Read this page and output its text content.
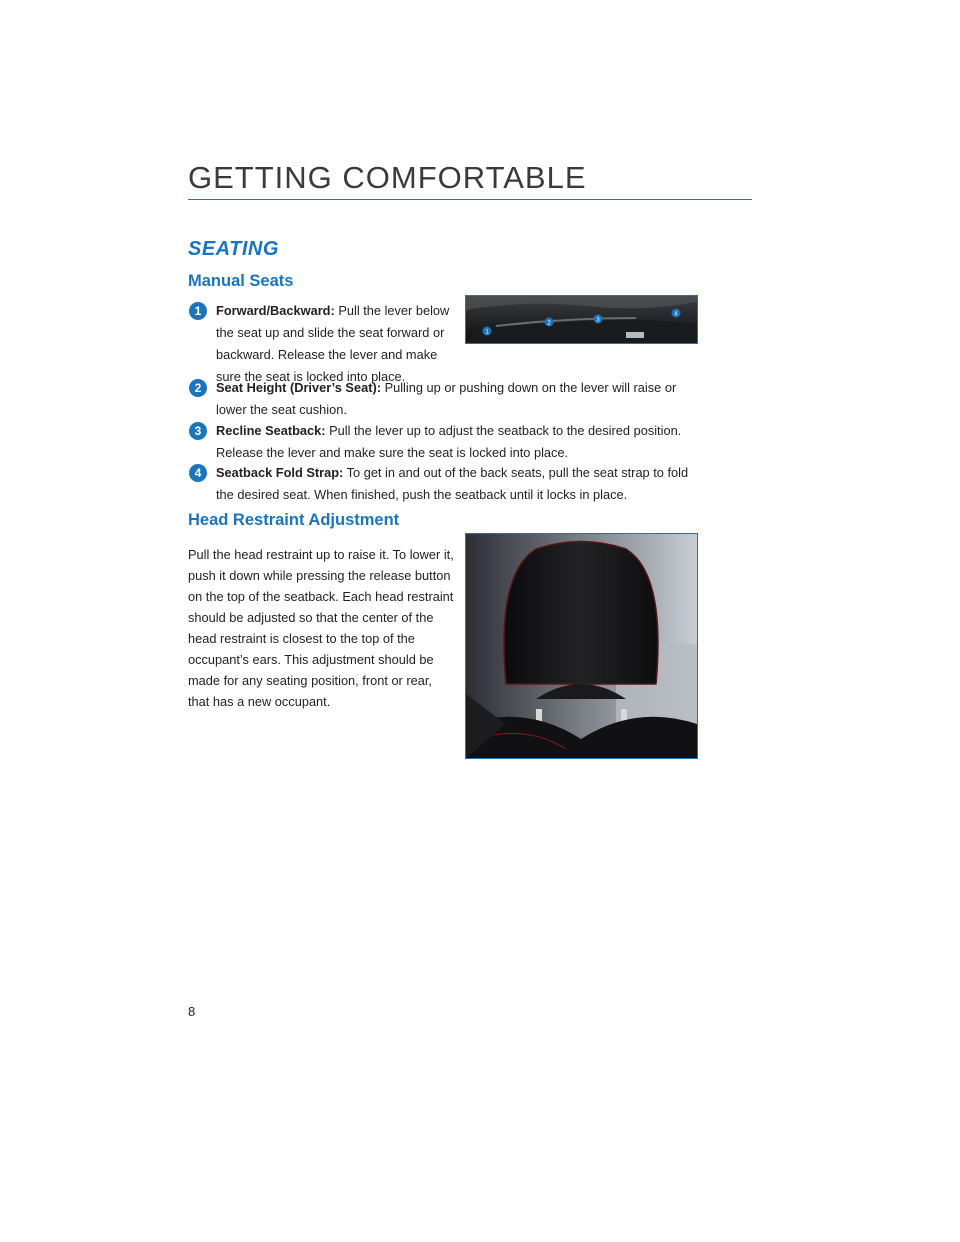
GETTING COMFORTABLE
SEATING
Manual Seats
1	Forward/Backward: Pull the lever below
the seat up and slide the seat forward or
backward. Release the lever and make
sure the seat is locked into place.
1
2	3
4
2	Seat Height (Driver’s Seat): Pulling up or pushing down on the lever will raise or
lower the seat cushion.
3	Recline Seatback: Pull the lever up to adjust the seatback to the desired position.
Release the lever and make sure the seat is locked into place.
4	Seatback Fold Strap: To get in and out of the back seats, pull the seat strap to fold
the desired seat. When finished, push the seatback until it locks in place.
Head Restraint Adjustment
Pull the head restraint up to raise it. To lower it,
push it down while pressing the release button
on the top of the seatback. Each head restraint
should be adjusted so that the center of the
head restraint is closest to the top of the
occupant’s ears. This adjustment should be
made for any seating position, front or rear,
that has a new occupant.
8
